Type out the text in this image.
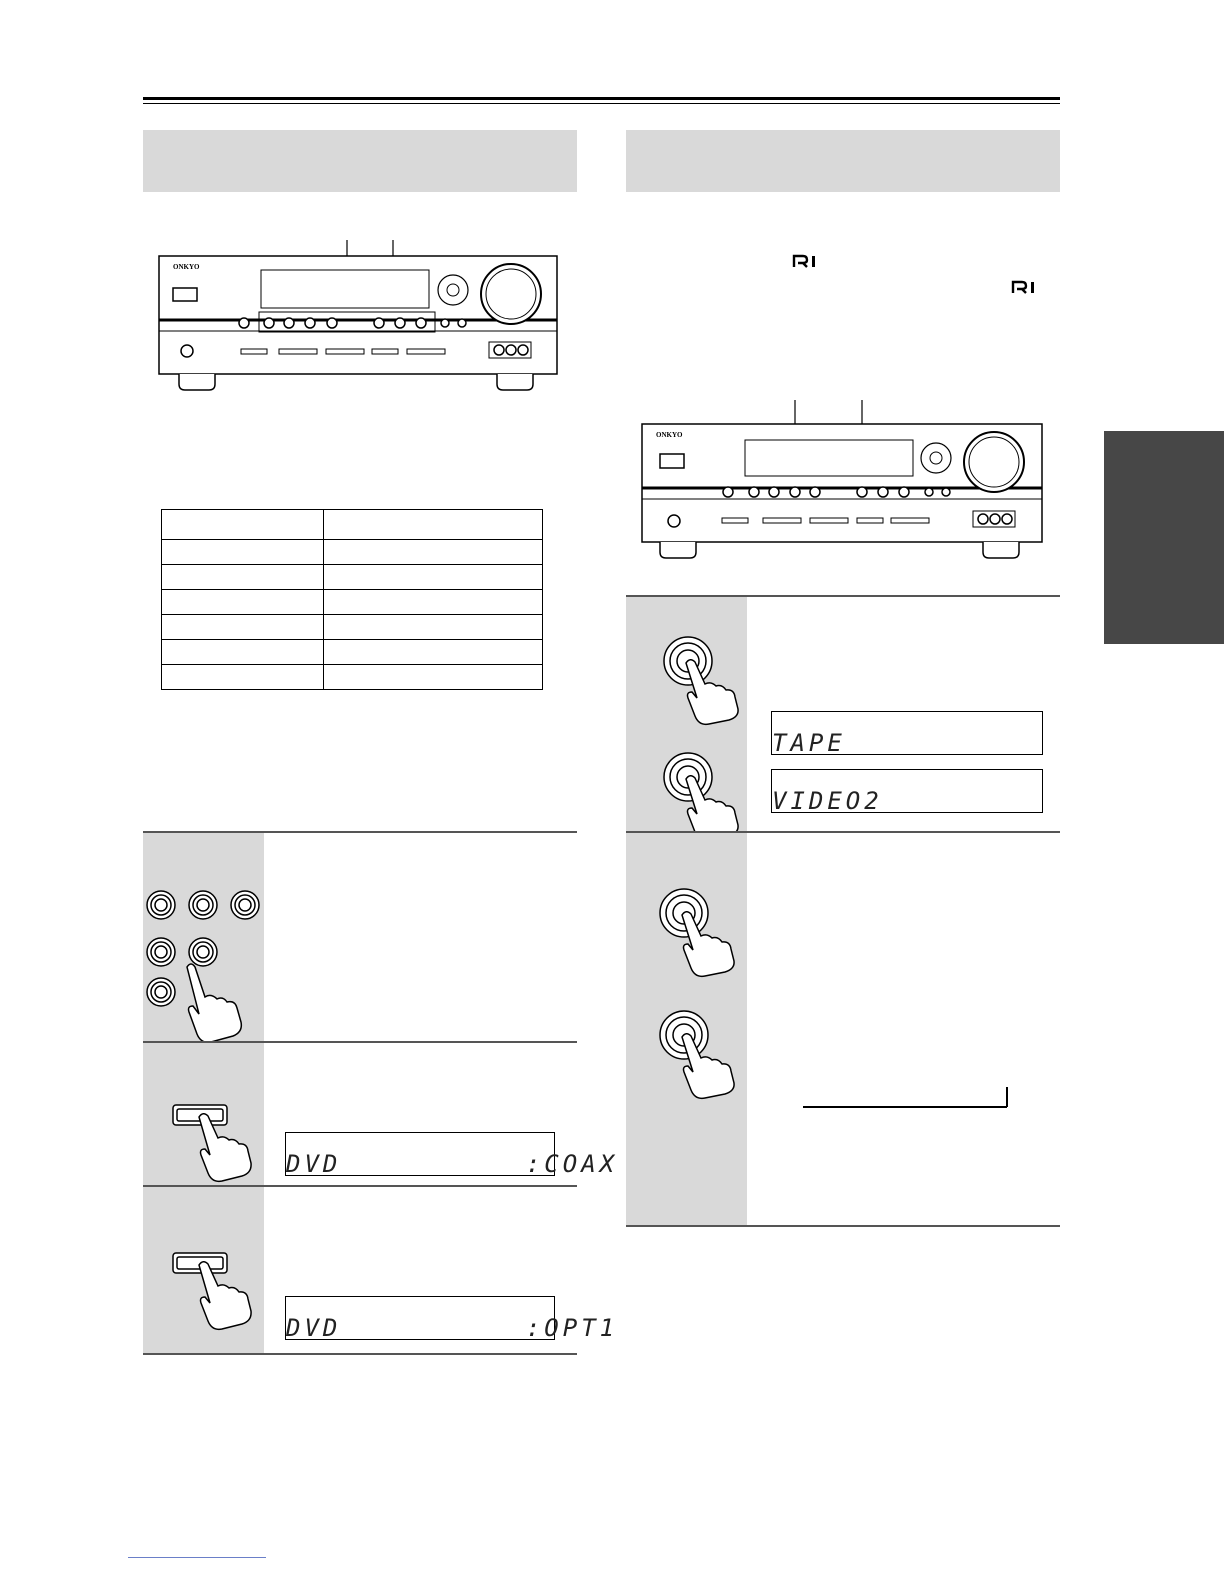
ONKYO

DVD          :COAX
DVD          :OPT1
ONKYO
TAPE
VIDEO2
